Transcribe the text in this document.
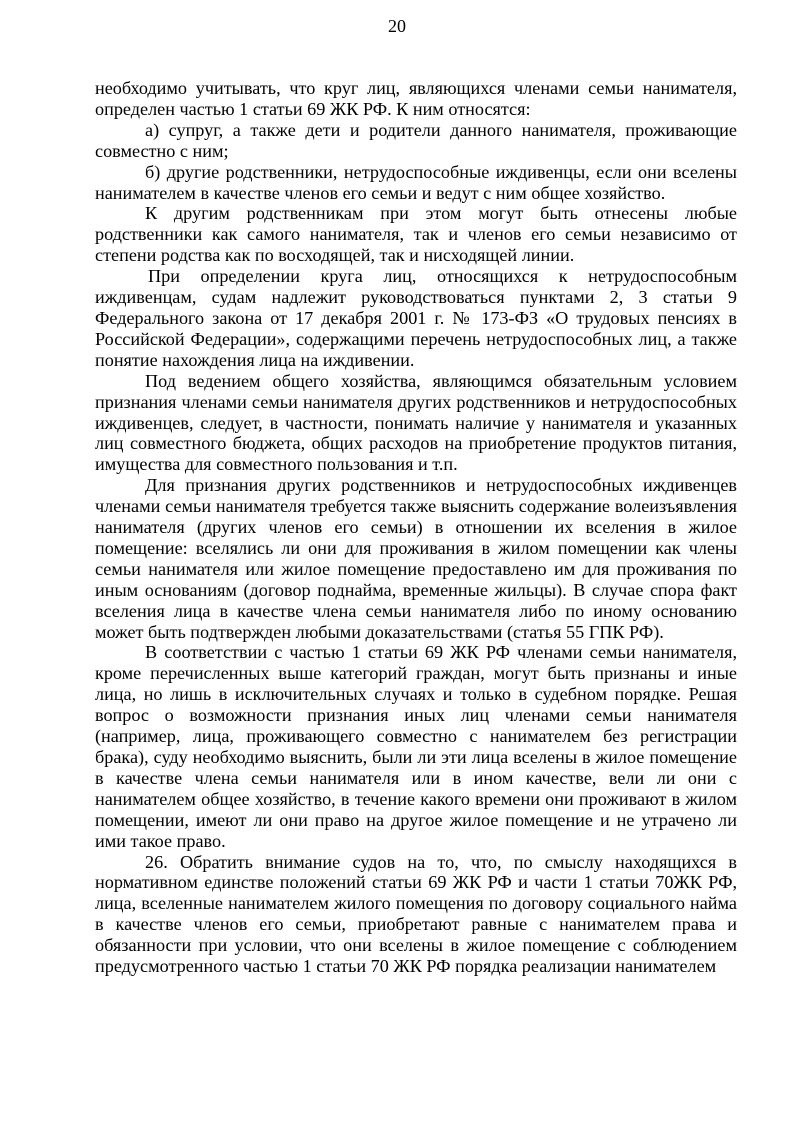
20

необходимо учитывать, что круг лиц, являющихся членами семьи нанимателя, определен частью 1 статьи 69 ЖК РФ. К ним относятся:

а) супруг, а также дети и родители данного нанимателя, проживающие совместно с ним;

б) другие родственники, нетрудоспособные иждивенцы, если они вселены нанимателем в качестве членов его семьи и ведут с ним общее хозяйство.

К другим родственникам при этом могут быть отнесены любые родственники как самого нанимателя, так и членов его семьи независимо от степени родства как по восходящей, так и нисходящей линии.

При определении круга лиц, относящихся к нетрудоспособным иждивенцам, судам надлежит руководствоваться пунктами 2, 3 статьи 9 Федерального закона от 17 декабря 2001 г. № 173-ФЗ «О трудовых пенсиях в Российской Федерации», содержащими перечень нетрудоспособных лиц, а также понятие нахождения лица на иждивении.

Под ведением общего хозяйства, являющимся обязательным условием признания членами семьи нанимателя других родственников и нетрудоспособных иждивенцев, следует, в частности, понимать наличие у нанимателя и указанных лиц совместного бюджета, общих расходов на приобретение продуктов питания, имущества для совместного пользования и т.п.

Для признания других родственников и нетрудоспособных иждивенцев членами семьи нанимателя требуется также выяснить содержание волеизъявления нанимателя (других членов его семьи) в отношении их вселения в жилое помещение: вселялись ли они для проживания в жилом помещении как члены семьи нанимателя или жилое помещение предоставлено им для проживания по иным основаниям (договор поднайма, временные жильцы). В случае спора факт вселения лица в качестве члена семьи нанимателя либо по иному основанию может быть подтвержден любыми доказательствами (статья 55 ГПК РФ).

В соответствии с частью 1 статьи 69 ЖК РФ членами семьи нанимателя, кроме перечисленных выше категорий граждан, могут быть признаны и иные лица, но лишь в исключительных случаях и только в судебном порядке. Решая вопрос о возможности признания иных лиц членами семьи нанимателя (например, лица, проживающего совместно с нанимателем без регистрации брака), суду необходимо выяснить, были ли эти лица вселены в жилое помещение в качестве члена семьи нанимателя или в ином качестве, вели ли они с нанимателем общее хозяйство, в течение какого времени они проживают в жилом помещении, имеют ли они право на другое жилое помещение и не утрачено ли ими такое право.

26. Обратить внимание судов на то, что, по смыслу находящихся в нормативном единстве положений статьи 69 ЖК РФ и части 1 статьи 70ЖК РФ, лица, вселенные нанимателем жилого помещения по договору социального найма в качестве членов его семьи, приобретают равные с нанимателем права и обязанности при условии, что они вселены в жилое помещение с соблюдением предусмотренного частью 1 статьи 70 ЖК РФ порядка реализации нанимателем
